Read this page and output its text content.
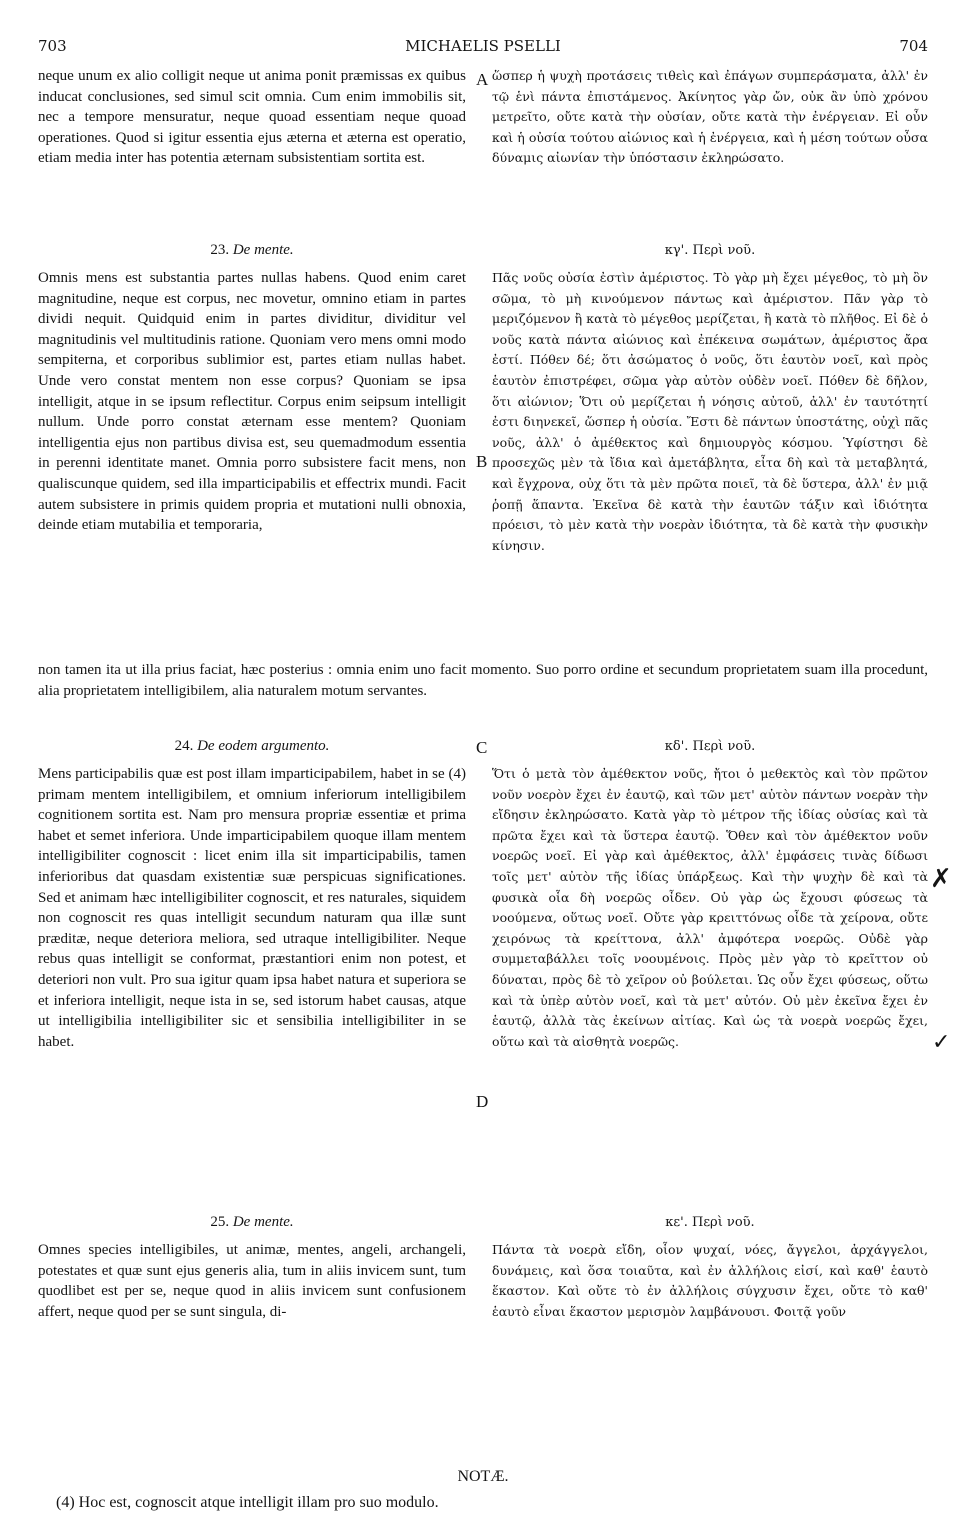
703	MICHAELIS PSELLI	704
neque unum ex alio colligit neque ut anima ponit præmissas ex quibus inducat conclusiones, sed simul scit omnia. Cum enim immobilis sit, nec a tempore mensuratur, neque quoad essentiam neque quoad operationes. Quod si igitur essentia ejus æterna et æterna est operatio, etiam media inter has potentia æternam subsistentiam sortita est.
ὥσπερ ἡ ψυχὴ προτάσεις τιθεὶς καὶ ἐπάγων συμπεράσματα, ἀλλ' ἐν τῷ ἑνὶ πάντα ἐπιστάμενος. Ἀκίνητος γὰρ ὤν, οὐκ ἂν ὑπὸ χρόνου μετρεῖτο, οὔτε κατὰ τὴν οὐσίαν, οὔτε κατὰ τὴν ἐνέργειαν. Εἰ οὖν καὶ ἡ οὐσία τούτου αἰώνιος καὶ ἡ ἐνέργεια, καὶ ἡ μέση τούτων οὖσα δύναμις αἰωνίαν τὴν ὑπόστασιν ἐκληρώσατο.
A
23. De mente.	κγ'. Περὶ νοῦ.
Omnis mens est substantia partes nullas habens. Quod enim caret magnitudine, neque est corpus, nec movetur, omnino etiam in partes dividi nequit. Quidquid enim in partes dividitur, dividitur vel magnitudinis vel multitudinis ratione. Quoniam vero mens omni modo sempiterna, et corporibus sublimior est, partes etiam nullas habet. Unde vero constat mentem non esse corpus? Quoniam se ipsa intelligit, atque in se ipsum reflectitur. Corpus enim seipsum intelligit nullum. Unde porro constat æternam esse mentem? Quoniam intelligentia ejus non partibus divisa est, seu quemadmodum essentia in perenni identitate manet. Omnia porro subsistere facit mens, non qualiscunque quidem, sed illa imparticipabilis et effectrix mundi. Facit autem subsistere in primis quidem propria et mutationi nulli obnoxia, deinde etiam mutabilia et temporaria,
Πᾶς νοῦς οὐσία ἐστὶν ἀμέριστος. Τὸ γὰρ μὴ ἔχει μέγεθος, τὸ μὴ ὂν σῶμα, τὸ μὴ κινούμενον πάντως καὶ ἀμέριστον. Πᾶν γὰρ τὸ μεριζόμενον ἢ κατὰ τὸ μέγεθος μερίζεται, ἢ κατὰ τὸ πλῆθος. Εἰ δὲ ὁ νοῦς κατὰ πάντα αἰώνιος καὶ ἐπέκεινα σωμάτων, ἀμέριστος ἄρα ἐστί. Πόθεν δέ; ὅτι ἀσώματος ὁ νοῦς, ὅτι ἑαυτὸν νοεῖ, καὶ πρὸς ἑαυτὸν ἐπιστρέφει, σῶμα γὰρ αὐτὸν οὐδὲν νοεῖ. Πόθεν δὲ δῆλον, ὅτι αἰώνιον; Ὅτι οὐ μερίζεται ἡ νόησις αὐτοῦ, ἀλλ' ἐν ταυτότητί ἐστι διηνεκεῖ, ὥσπερ ἡ οὐσία. Ἔστι δὲ πάντων ὑποστάτης, οὐχὶ πᾶς νοῦς, ἀλλ' ὁ ἀμέθεκτος καὶ δημιουργὸς κόσμου. Ὑφίστησι δὲ προσεχῶς μὲν τὰ ἴδια καὶ ἀμετάβλητα, εἶτα δὴ καὶ τὰ μεταβλητά, καὶ ἔγχρονα, οὐχ ὅτι τὰ μὲν πρῶτα ποιεῖ, τὰ δὲ ὕστερα, ἀλλ' ἐν μιᾷ ῥοπῇ ἅπαντα. Ἐκεῖνα δὲ κατὰ τὴν ἑαυτῶν τάξιν καὶ ἰδιότητα πρόεισι, τὸ μὲν κατὰ τὴν νοερὰν ἰδιότητα, τὰ δὲ κατὰ τὴν φυσικὴν κίνησιν.
B
non tamen ita ut illa prius faciat, hæc posterius : omnia enim uno facit momento. Suo porro ordine et secundum proprietatem suam illa procedunt, alia proprietatem intelligibilem, alia naturalem motum servantes.
24. De eodem argumento.	C	κδ'. Περὶ νοῦ.
Mens participabilis quæ est post illam imparticipabilem, habet in se (4) primam mentem intelligibilem, et omnium inferiorum intelligibilem cognitionem sortita est. Nam pro mensura propriæ essentiæ et prima habet et semet inferiora. Unde imparticipabilem quoque illam mentem intelligibiliter cognoscit : licet enim illa sit imparticipabilis, tamen inferioribus dat quasdam existentiæ suæ perspicuas significationes. Sed et animam hæc intelligibiliter cognoscit, et res naturales, siquidem non cognoscit res quas intelligit secundum naturam qua illæ sunt præditæ, neque deteriora meliora, sed utraque intelligibiliter. Neque rebus quas intelligit se conformat, præstantiori enim non potest, et deteriori non vult. Pro sua igitur quam ipsa habet natura et superiora se et inferiora intelligit, neque ista in se, sed istorum habet causas, atque ut intelligibilia intelligibiliter sic et sensibilia intelligibiliter in se habet.
Ὅτι ὁ μετὰ τὸν ἀμέθεκτον νοῦς, ἤτοι ὁ μεθεκτὸς καὶ τὸν πρῶτον νοῦν νοερὸν ἔχει ἐν ἑαυτῷ, καὶ τῶν μετ' αὐτὸν πάντων νοερὰν τὴν εἴδησιν ἐκληρώσατο. Κατὰ γὰρ τὸ μέτρον τῆς ἰδίας οὐσίας καὶ τὰ πρῶτα ἔχει καὶ τὰ ὕστερα ἑαυτῷ. Ὅθεν καὶ τὸν ἀμέθεκτον νοῦν νοερῶς νοεῖ. Εἰ γὰρ καὶ ἀμέθεκτος, ἀλλ' ἐμφάσεις τινὰς δίδωσι τοῖς μετ' αὐτὸν τῆς ἰδίας ὑπάρξεως. Καὶ τὴν ψυχὴν δὲ καὶ τὰ φυσικὰ οἷα δὴ νοερῶς οἶδεν. Οὐ γὰρ ὡς ἔχουσι φύσεως τὰ νοούμενα, οὕτως νοεῖ. Οὔτε γὰρ κρειττόνως οἶδε τὰ χείρονα, οὔτε χειρόνως τὰ κρείττονα, ἀλλ' ἀμφότερα νοερῶς. Οὐδὲ γὰρ συμμεταβάλλει τοῖς νοουμένοις. Πρὸς μὲν γὰρ τὸ κρεῖττον οὐ δύναται, πρὸς δὲ τὸ χεῖρον οὐ βούλεται. Ὡς οὖν ἔχει φύσεως, οὕτω καὶ τὰ ὑπὲρ αὐτὸν νοεῖ, καὶ τὰ μετ' αὐτόν. Οὐ μὲν ἐκεῖνα ἔχει ἐν ἑαυτῷ, ἀλλὰ τὰς ἐκείνων αἰτίας. Καὶ ὡς τὰ νοερὰ νοερῶς ἔχει, οὕτω καὶ τὰ αἰσθητὰ νοερῶς.
D
✗
✓
25. De mente.	κε'. Περὶ νοῦ.
Omnes species intelligibiles, ut animæ, mentes, angeli, archangeli, potestates et quæ sunt ejus generis alia, tum in aliis invicem sunt, tum quodlibet est per se, neque quod in aliis invicem sunt confusionem affert, neque quod per se sunt singula, di-
Πάντα τὰ νοερὰ εἴδη, οἷον ψυχαί, νόες, ἄγγελοι, ἀρχάγγελοι, δυνάμεις, καὶ ὅσα τοιαῦτα, καὶ ἐν ἀλλήλοις εἰσί, καὶ καθ' ἑαυτὸ ἕκαστον. Καὶ οὔτε τὸ ἐν ἀλλήλοις σύγχυσιν ἔχει, οὔτε τὸ καθ' ἑαυτὸ εἶναι ἕκαστον μερισμὸν λαμβάνουσι. Φοιτᾷ γοῦν
NOTÆ.
(4) Hoc est, cognoscit atque intelligit illam pro suo modulo.
